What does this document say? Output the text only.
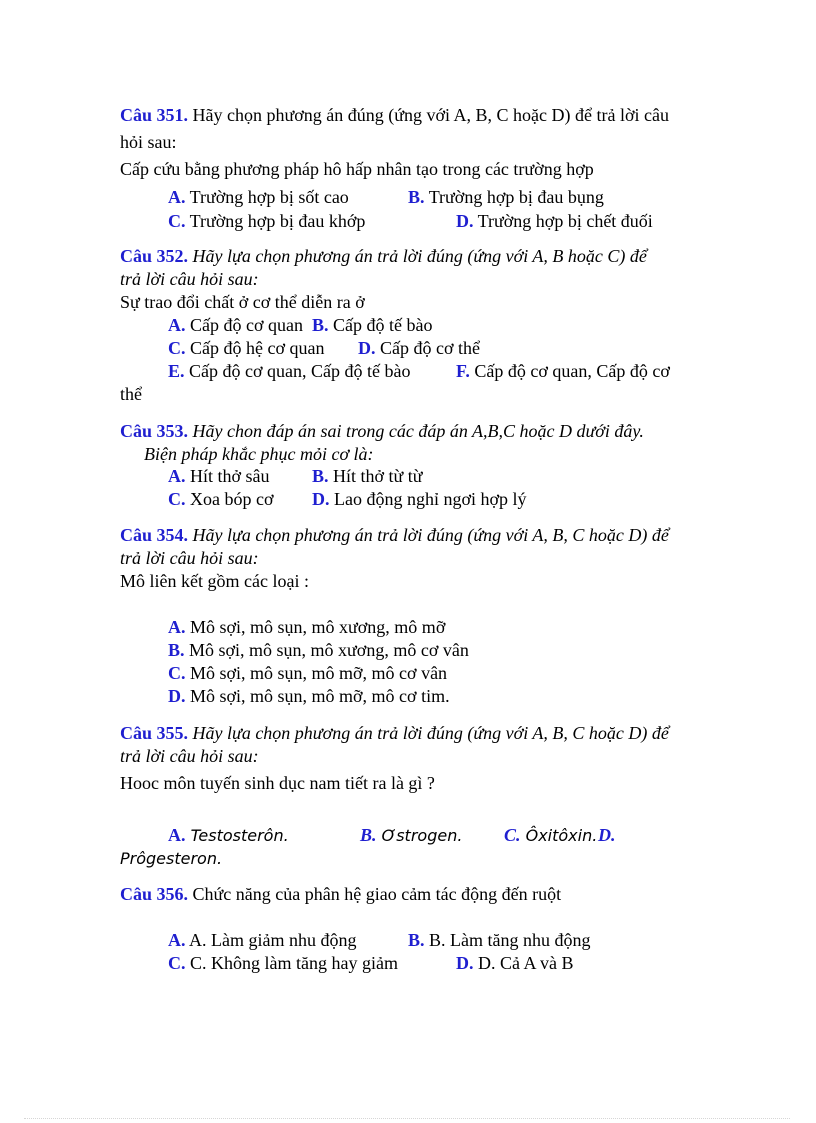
Câu 351. Hãy chọn phương án đúng (ứng với A, B, C hoặc D) để trả lời câu
hỏi sau:
Cấp cứu bằng phương pháp hô hấp nhân tạo trong các trường hợp
A. Trường hợp bị sốt cao	B. Trường hợp bị đau bụng
C. Trường hợp bị đau khớp	D. Trường hợp bị chết đuối
Câu 352. Hãy lựa chọn phương án trả lời đúng (ứng với A, B hoặc C) để
trả lời câu hỏi sau:
Sự trao đổi chất ở cơ thể diễn ra ở
A. Cấp độ cơ quan B. Cấp độ tế bào
C. Cấp độ hệ cơ quan D. Cấp độ cơ thể
E. Cấp độ cơ quan, Cấp độ tế bào	F. Cấp độ cơ quan, Cấp độ cơ
thể
Câu 353. Hãy chon đáp án sai trong các đáp án A,B,C hoặc D dưới đây.
Biện pháp khắc phục mỏi cơ là:
A. Hít thở sâu B. Hít thở từ từ
C. Xoa bóp cơ D. Lao động nghỉ ngơi hợp lý
Câu 354. Hãy lựa chọn phương án trả lời đúng (ứng với A, B, C hoặc D) để
trả lời câu hỏi sau:
Mô liên kết gồm các loại :
A. Mô sợi, mô sụn, mô xương, mô mỡ
B. Mô sợi, mô sụn, mô xương, mô cơ vân
C. Mô sợi, mô sụn, mô mỡ, mô cơ vân
D. Mô sợi, mô sụn, mô mỡ, mô cơ tim.
Câu 355. Hãy lựa chọn phương án trả lời đúng (ứng với A, B, C hoặc D) để
trả lời câu hỏi sau:
Hooc môn tuyến sinh dục nam tiết ra là gì ?
A. Testosterôn.	B. Ơstrogen. C. Ôxitôxin. D.
Prôgesteron.
Câu 356. Chức năng của phân hệ giao cảm tác động đến ruột
A. A. Làm giảm nhu động	B. B. Làm tăng nhu động
C. C. Không làm tăng hay giảm	D. D. Cả A và B
